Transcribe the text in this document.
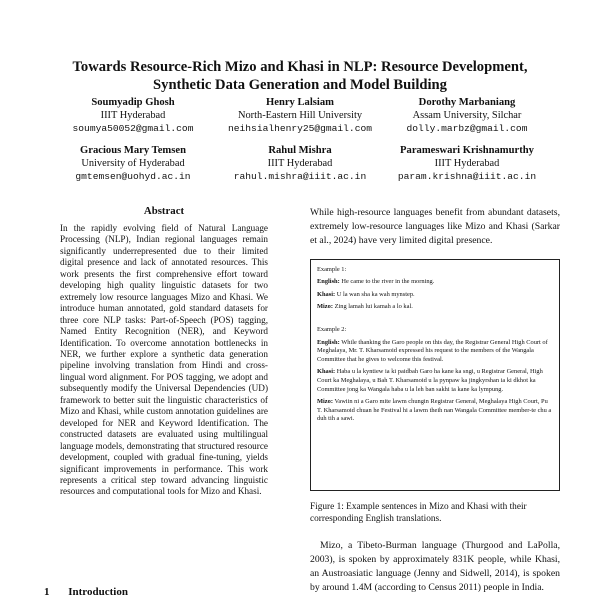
Towards Resource-Rich Mizo and Khasi in NLP: Resource Development,
Synthetic Data Generation and Model Building
Soumyadip Ghosh
IIIT Hyderabad
soumya50052@gmail.com
Henry Lalsiam
North-Eastern Hill University
neihsialhenry25@gmail.com
Dorothy Marbaniang
Assam University, Silchar
dolly.marbz@gmail.com
Gracious Mary Temsen
University of Hyderabad
gmtemsen@uohyd.ac.in
Rahul Mishra
IIIT Hyderabad
rahul.mishra@iiit.ac.in
Parameswari Krishnamurthy
IIIT Hyderabad
param.krishna@iiit.ac.in
Abstract

In the rapidly evolving field of Natural Language Processing (NLP), Indian regional languages remain significantly underrepresented due to their limited digital presence and lack of annotated resources. This work presents the first comprehensive effort toward developing high quality linguistic datasets for two extremely low resource languages Mizo and Khasi. We introduce human annotated, gold standard datasets for three core NLP tasks: Part-of-Speech (POS) tagging, Named Entity Recognition (NER), and Keyword Identification. To overcome annotation bottlenecks in NER, we further explore a synthetic data generation pipeline involving translation from Hindi and cross-lingual word alignment. For POS tagging, we adopt and subsequently modify the Universal Dependencies (UD) framework to better suit the linguistic characteristics of Mizo and Khasi, while custom annotation guidelines are developed for NER and Keyword Identification. The constructed datasets are evaluated using multilingual language models, demonstrating that structured resource development, coupled with gradual fine-tuning, yields significant improvements in performance. This work represents a critical step toward advancing linguistic resources and computational tools for Mizo and Khasi.

1 Introduction

While high-resource languages benefit from abundant datasets, extremely low-resource languages like Mizo and Khasi (Sarkar et al., 2024) have very limited digital presence.

Example 1:

English: He came to the river in the morning.

Khasi: U la wan sha ka wah mynstep.

Mizo: Zing lamah lui kamah a lo kal.

Example 2:

English: While thanking the Garo people on this day, the Registrar General High Court of Meghalaya, Mr. T. Kharsamoid expressed his request to the members of the Wangala Committee that he gives to welcome this festival.

Khasi: Haba u la kyntiew ia ki paidbah Garo ha kane ka sngi, u Registrar General, High Court ka Meghalaya, u Bah T. Kharsamoid u la pynpaw ka jingkyrshan ia ki dkhot ka Committee jong ka Wangala haba u la leh ban sakhi ia kane ka lympung.

Mizo: Vawiin ni a Garo mite lawm chungin Registrar General, Meghalaya High Court, Pu T. Kharsamoid chuan he Festival hi a lawm theih nan Wangala Committee member-te chu a duh tih a sawi.

Figure 1: Example sentences in Mizo and Khasi with their corresponding English translations.

Mizo, a Tibeto-Burman language (Thurgood and LaPolla, 2003), is spoken by approximately 831K people, while Khasi, an Austroasiatic language (Jenny and Sidwell, 2014), is spoken by around 1.4M (according to Census 2011) people in India.
